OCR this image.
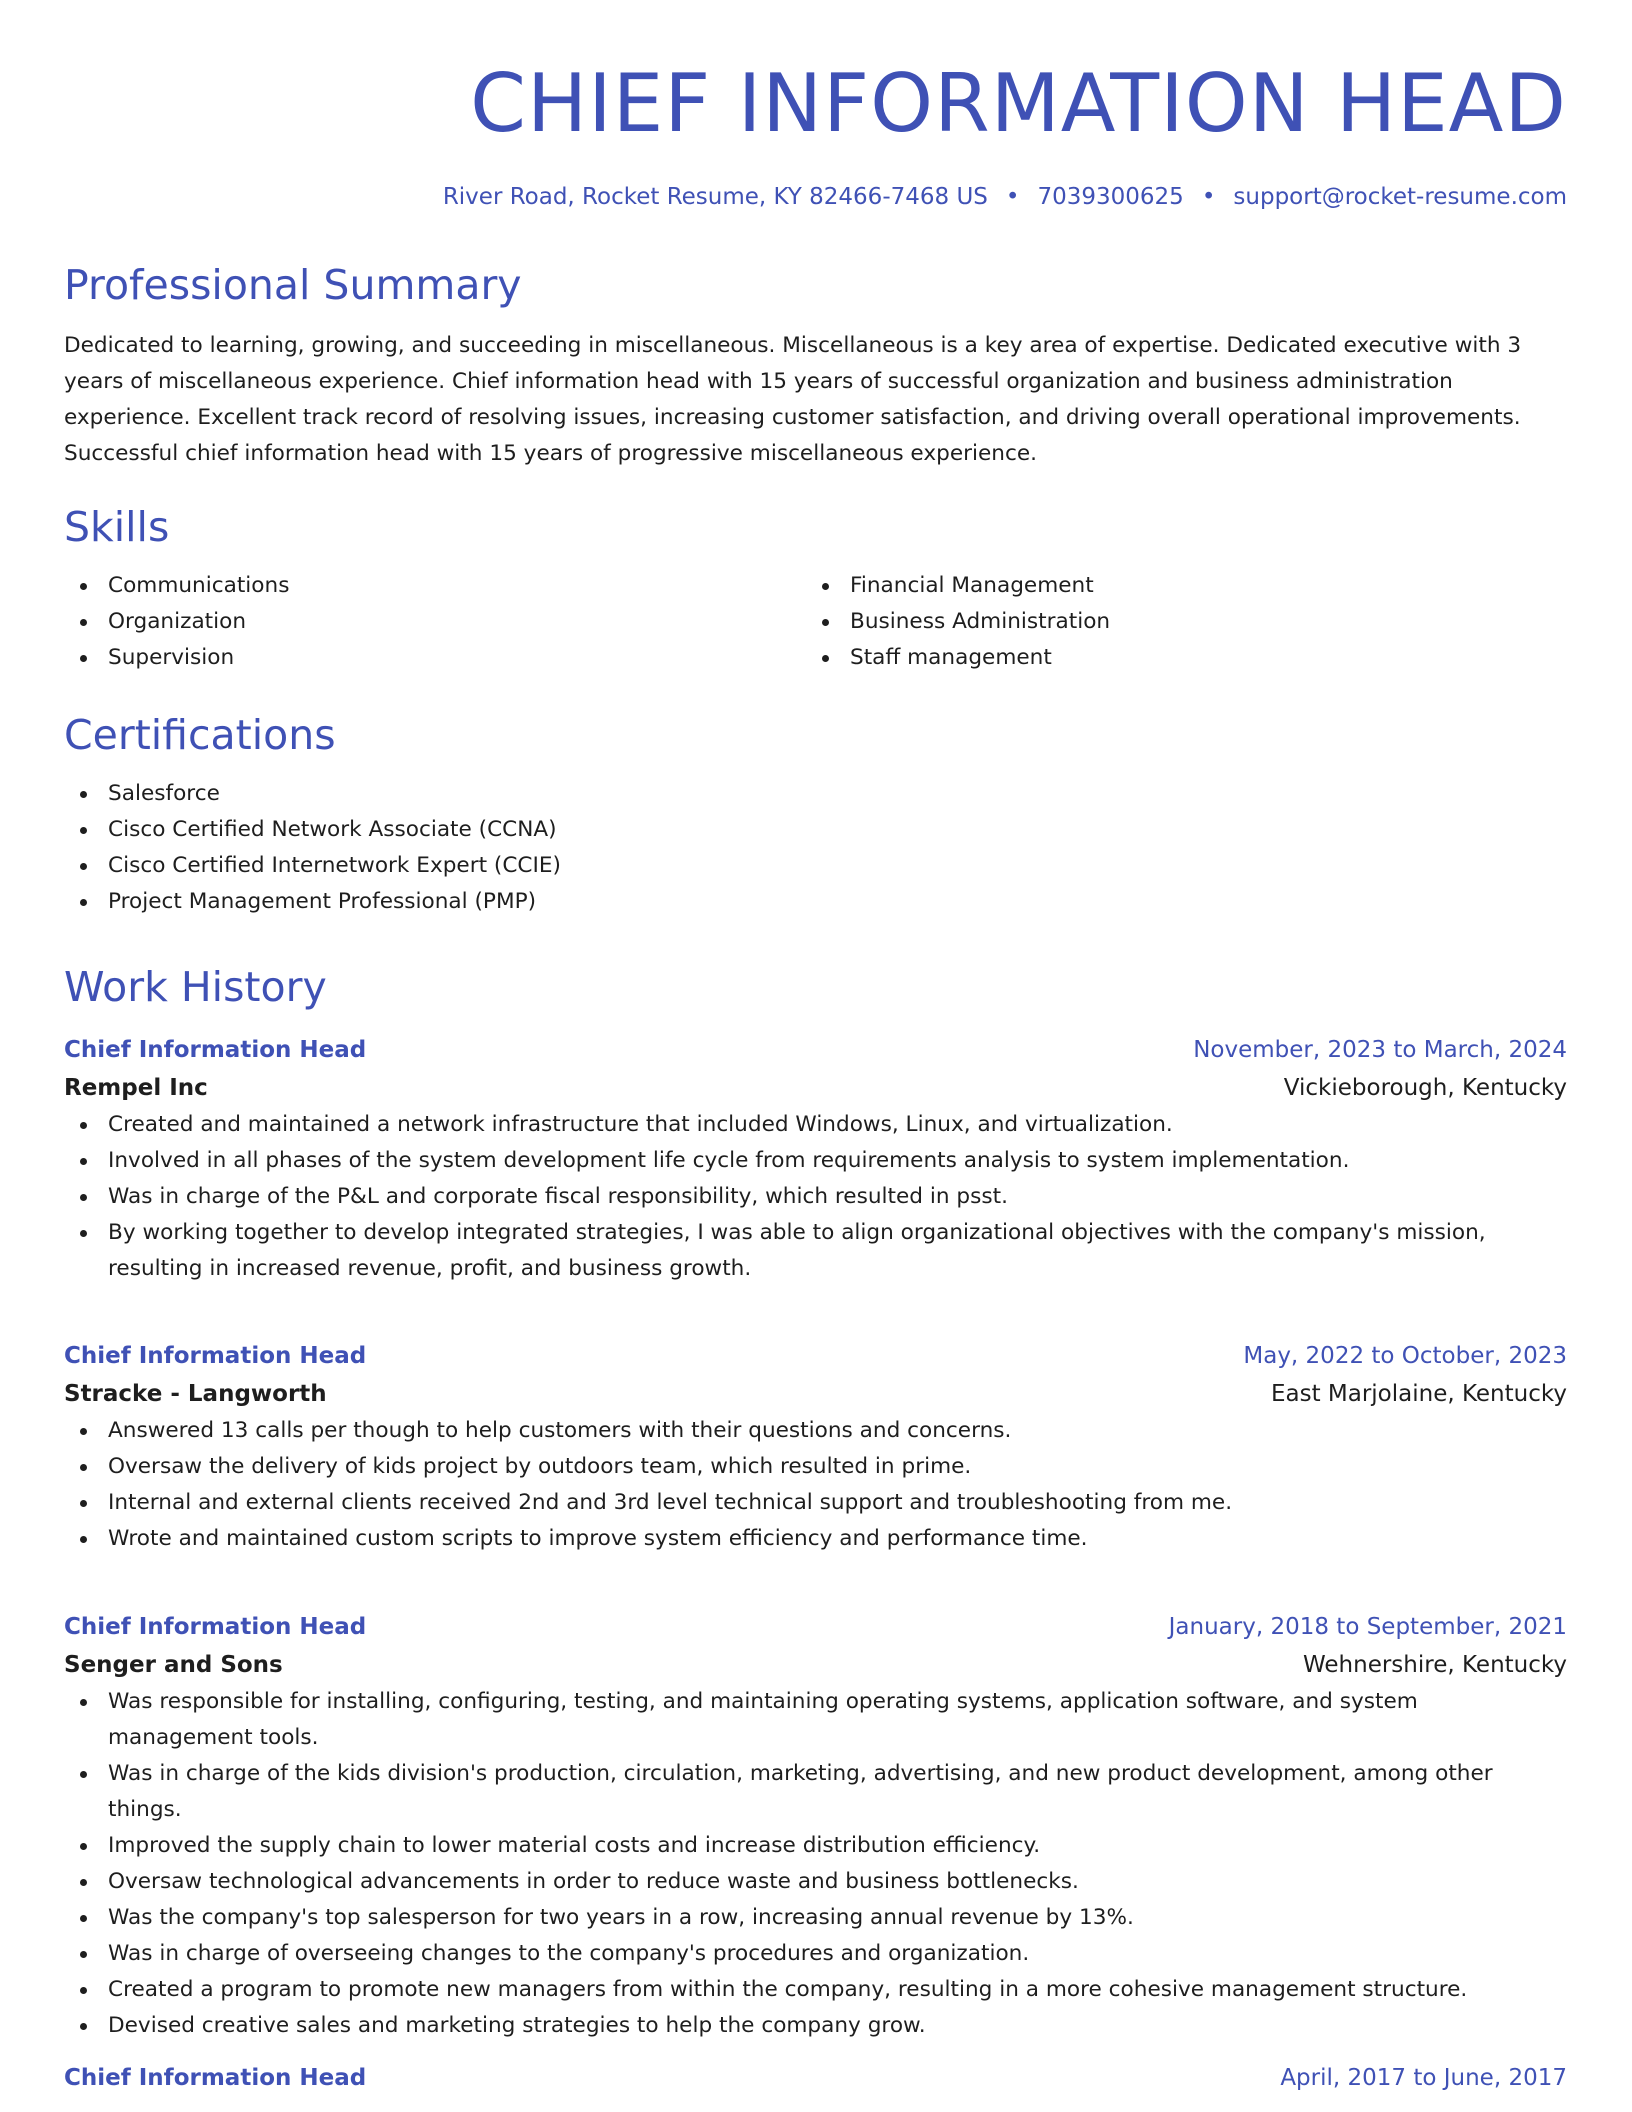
CHIEF INFORMATION HEAD
River Road, Rocket Resume, KY 82466-7468 US • 7039300625 • support@rocket-resume.com
Professional Summary
Dedicated to learning, growing, and succeeding in miscellaneous. Miscellaneous is a key area of expertise. Dedicated executive with 3 years of miscellaneous experience. Chief information head with 15 years of successful organization and business administration experience. Excellent track record of resolving issues, increasing customer satisfaction, and driving overall operational improvements. Successful chief information head with 15 years of progressive miscellaneous experience.
Skills
Communications
Organization
Supervision
Financial Management
Business Administration
Staff management
Certifications
Salesforce
Cisco Certified Network Associate (CCNA)
Cisco Certified Internetwork Expert (CCIE)
Project Management Professional (PMP)
Work History
Chief Information Head	November, 2023 to March, 2024
Rempel Inc	Vickieborough, Kentucky
Created and maintained a network infrastructure that included Windows, Linux, and virtualization.
Involved in all phases of the system development life cycle from requirements analysis to system implementation.
Was in charge of the P&L and corporate fiscal responsibility, which resulted in psst.
By working together to develop integrated strategies, I was able to align organizational objectives with the company's mission, resulting in increased revenue, profit, and business growth.
Chief Information Head	May, 2022 to October, 2023
Stracke - Langworth	East Marjolaine, Kentucky
Answered 13 calls per though to help customers with their questions and concerns.
Oversaw the delivery of kids project by outdoors team, which resulted in prime.
Internal and external clients received 2nd and 3rd level technical support and troubleshooting from me.
Wrote and maintained custom scripts to improve system efficiency and performance time.
Chief Information Head	January, 2018 to September, 2021
Senger and Sons	Wehnershire, Kentucky
Was responsible for installing, configuring, testing, and maintaining operating systems, application software, and system management tools.
Was in charge of the kids division's production, circulation, marketing, advertising, and new product development, among other things.
Improved the supply chain to lower material costs and increase distribution efficiency.
Oversaw technological advancements in order to reduce waste and business bottlenecks.
Was the company's top salesperson for two years in a row, increasing annual revenue by 13%.
Was in charge of overseeing changes to the company's procedures and organization.
Created a program to promote new managers from within the company, resulting in a more cohesive management structure.
Devised creative sales and marketing strategies to help the company grow.
Chief Information Head	April, 2017 to June, 2017
